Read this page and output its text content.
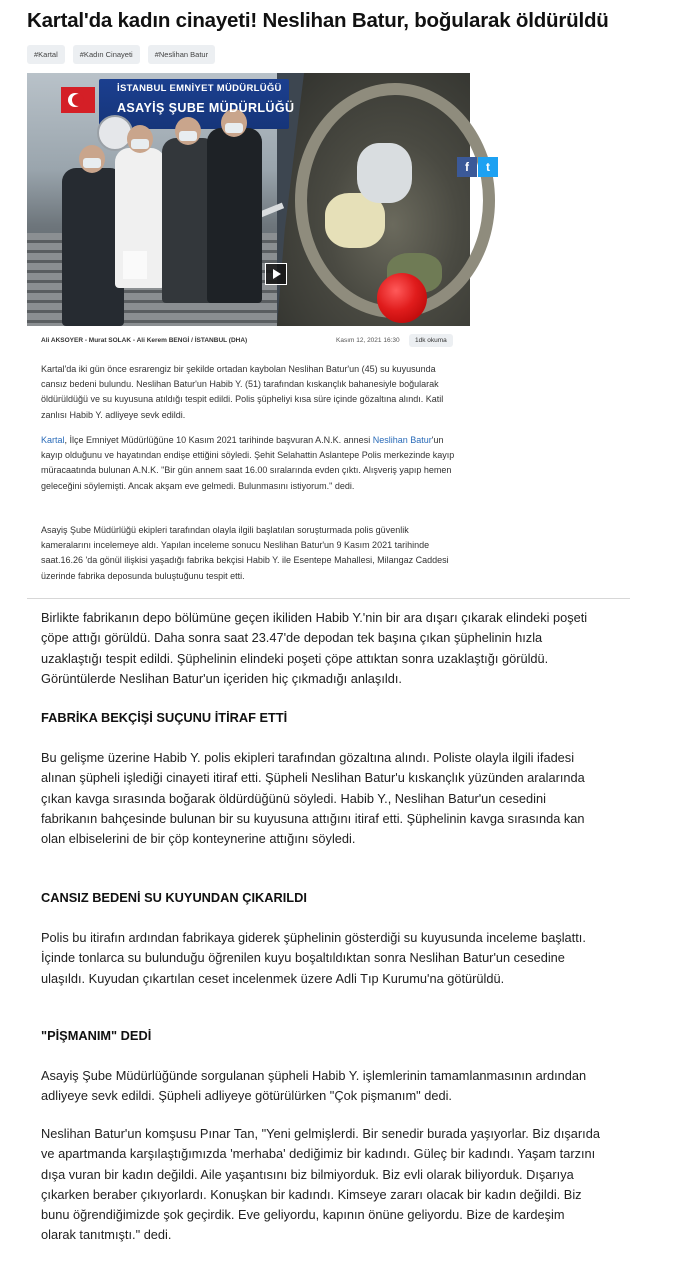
Kartal'da kadın cinayeti! Neslihan Batur, boğularak öldürüldü
#Kartal	#Kadın Cinayeti	#Neslihan Batur
İSTANBUL EMNİYET MÜDÜRLÜĞÜ
ASAYİŞ ŞUBE MÜDÜRLÜĞÜ
f	t
Ali AKSOYER - Murat SOLAK - Ali Kerem BENGİ / İSTANBUL (DHA)	Kasım 12, 2021 16:30	1dk okuma

Kartal'da iki gün önce esrarengiz bir şekilde ortadan kaybolan Neslihan Batur'un (45) su kuyusunda cansız bedeni bulundu. Neslihan Batur'un Habib Y. (51) tarafından kıskançlık bahanesiyle boğularak öldürüldüğü ve su kuyusuna atıldığı tespit edildi. Polis şüpheliyi kısa süre içinde gözaltına alındı. Katil zanlısı Habib Y. adliyeye sevk edildi.

Kartal, İlçe Emniyet Müdürlüğüne 10 Kasım 2021 tarihinde başvuran A.N.K. annesi Neslihan Batur'un kayıp olduğunu ve hayatından endişe ettiğini söyledi. Şehit Selahattin Aslantepe Polis merkezinde kayıp müracaatında bulunan A.N.K. "Bir gün annem saat 16.00 sıralarında evden çıktı. Alışveriş yapıp hemen geleceğini söylemişti. Ancak akşam eve gelmedi. Bulunmasını istiyorum." dedi.

Asayiş Şube Müdürlüğü ekipleri tarafından olayla ilgili başlatılan soruşturmada polis güvenlik kameralarını incelemeye aldı. Yapılan inceleme sonucu Neslihan Batur'un 9 Kasım 2021 tarihinde saat.16.26 'da gönül ilişkisi yaşadığı fabrika bekçisi Habib Y. ile Esentepe Mahallesi, Milangaz Caddesi üzerinde fabrika deposunda buluştuğunu tespit etti.

Birlikte fabrikanın depo bölümüne geçen ikiliden Habib Y.'nin bir ara dışarı çıkarak elindeki poşeti çöpe attığı görüldü. Daha sonra saat 23.47'de depodan tek başına çıkan şüphelinin hızla uzaklaştığı tespit edildi. Şüphelinin elindeki poşeti çöpe attıktan sonra uzaklaştığı görüldü. Görüntülerde Neslihan Batur'un içeriden hiç çıkmadığı anlaşıldı.

FABRİKA BEKÇİŞİ SUÇUNU İTİRAF ETTİ

Bu gelişme üzerine Habib Y. polis ekipleri tarafından gözaltına alındı. Poliste olayla ilgili ifadesi alınan şüpheli işlediği cinayeti itiraf etti. Şüpheli Neslihan Batur'u kıskançlık yüzünden aralarında çıkan kavga sırasında boğarak öldürdüğünü söyledi. Habib Y., Neslihan Batur'un cesedini fabrikanın bahçesinde bulunan bir su kuyusuna attığını itiraf etti. Şüphelinin kavga sırasında kan olan elbiselerini de bir çöp konteynerine attığını söyledi.

CANSIZ BEDENİ SU KUYUNDAN ÇIKARILDI

Polis bu itirafın ardından fabrikaya giderek şüphelinin gösterdiği su kuyusunda inceleme başlattı. İçinde tonlarca su bulunduğu öğrenilen kuyu boşaltıldıktan sonra Neslihan Batur'un cesedine ulaşıldı. Kuyudan çıkartılan ceset incelenmek üzere Adli Tıp Kurumu'na götürüldü.

"PİŞMANIM" DEDİ

Asayiş Şube Müdürlüğünde sorgulanan şüpheli Habib Y. işlemlerinin tamamlanmasının ardından adliyeye sevk edildi. Şüpheli adliyeye götürülürken "Çok pişmanım" dedi.

Neslihan Batur'un komşusu Pınar Tan, "Yeni gelmişlerdi. Bir senedir burada yaşıyorlar. Biz dışarıda ve apartmanda karşılaştığımızda 'merhaba' dediğimiz bir kadındı. Güleç bir kadındı. Yaşam tarzını dışa vuran bir kadın değildi. Aile yaşantısını biz bilmiyorduk. Biz evli olarak biliyorduk. Dışarıya çıkarken beraber çıkıyorlardı. Konuşkan bir kadındı. Kimseye zararı olacak bir kadın değildi. Biz bunu öğrendiğimizde şok geçirdik. Eve geliyordu, kapının önüne geliyordu. Bize de kardeşim olarak tanıtmıştı." dedi.
